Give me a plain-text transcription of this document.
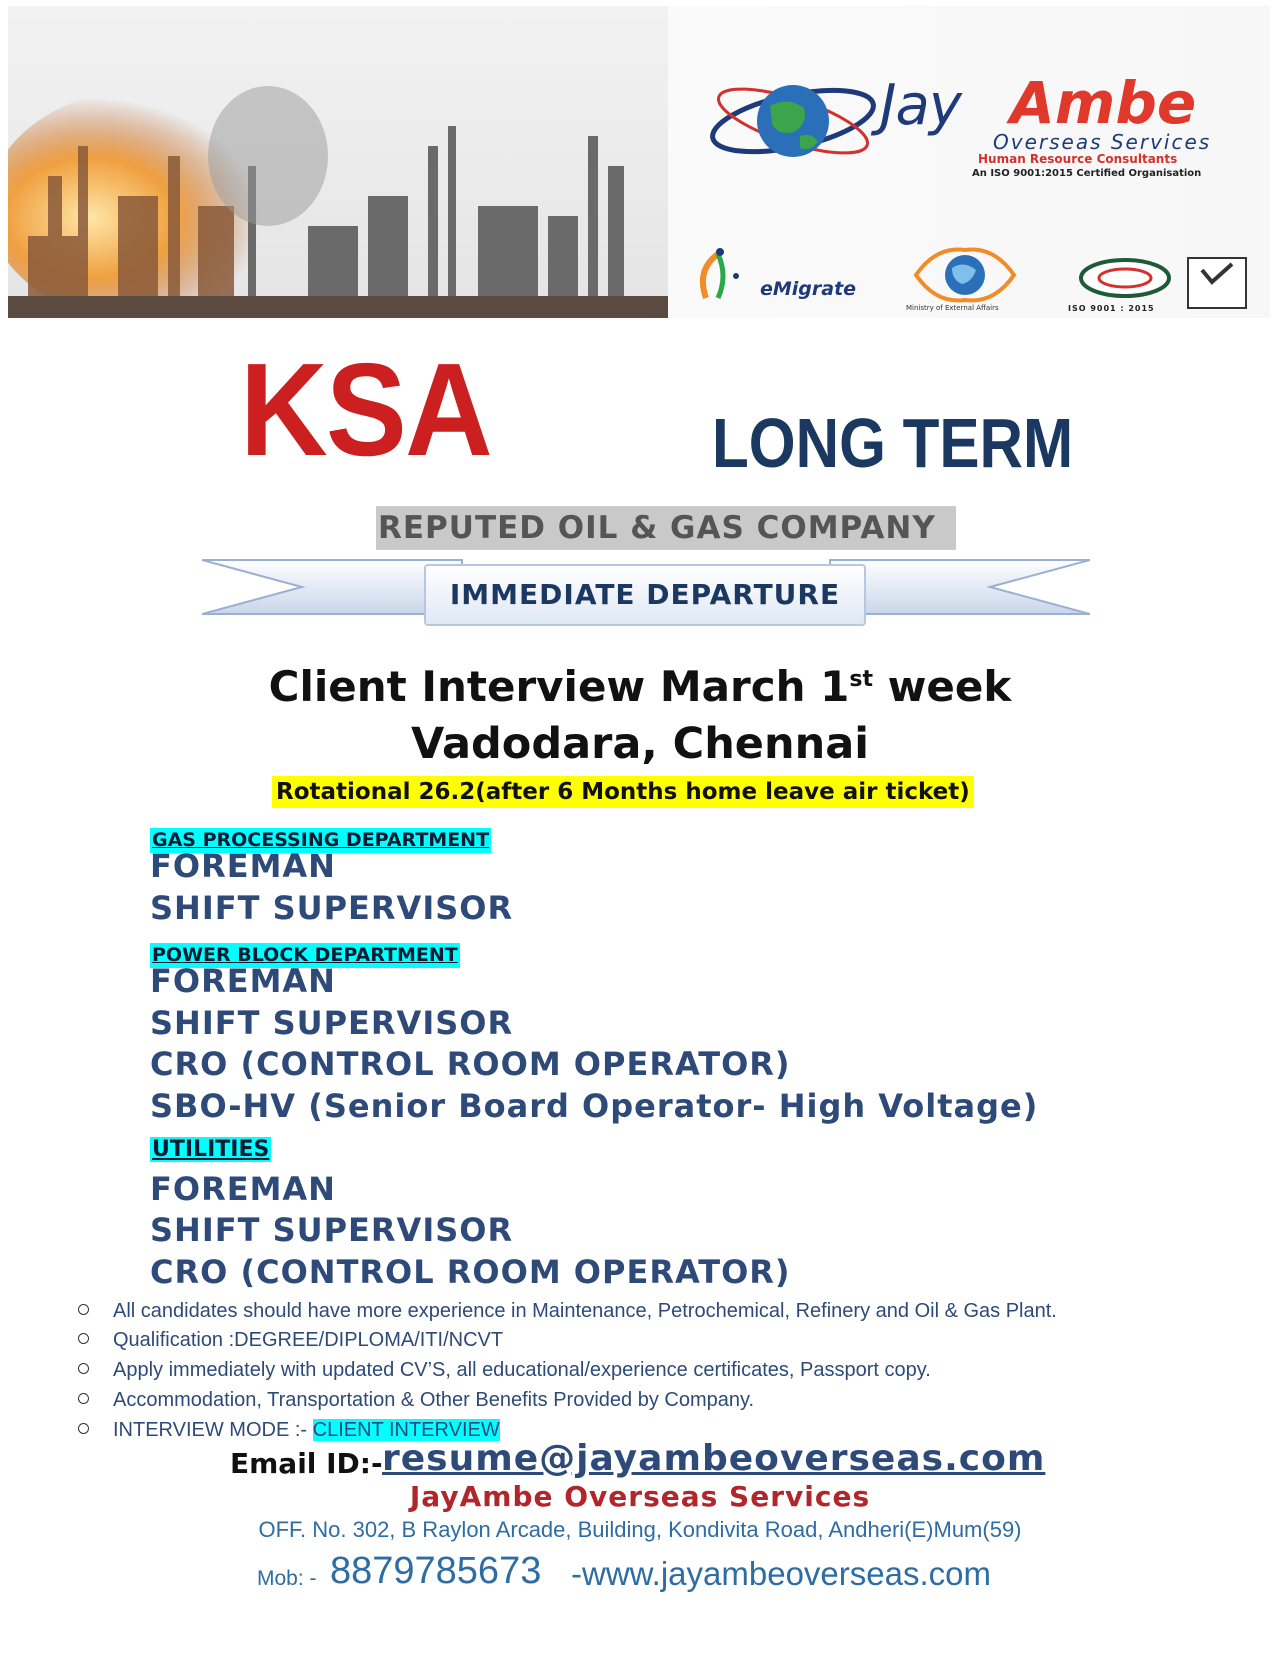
Jay Ambe
Overseas Services
Human Resource Consultants
An ISO 9001:2015 Certified Organisation
eMigrate
Ministry of External Affairs	ISO 9001 : 2015
KSA	LONG TERM
REPUTED OIL & GAS COMPANY
IMMEDIATE DEPARTURE
Client Interview March 1st week
Vadodara, Chennai
Rotational 26.2(after 6 Months home leave air ticket)
GAS PROCESSING DEPARTMENT
FOREMAN
SHIFT SUPERVISOR
POWER BLOCK DEPARTMENT
FOREMAN
SHIFT SUPERVISOR
CRO (CONTROL ROOM OPERATOR)
SBO-HV (Senior Board Operator- High Voltage)
UTILITIES
FOREMAN
SHIFT SUPERVISOR
CRO (CONTROL ROOM OPERATOR)
All candidates should have more experience in Maintenance, Petrochemical, Refinery and Oil & Gas Plant.
Qualification :DEGREE/DIPLOMA/ITI/NCVT
Apply immediately with updated CV’S, all educational/experience certificates, Passport copy.
Accommodation, Transportation & Other Benefits Provided by Company.
INTERVIEW MODE :- CLIENT INTERVIEW
Email ID:- resume@jayambeoverseas.com
JayAmbe Overseas Services
OFF. No. 302, B Raylon Arcade, Building, Kondivita Road, Andheri(E)Mum(59)
Mob: - 8879785673 -www.jayambeoverseas.com
